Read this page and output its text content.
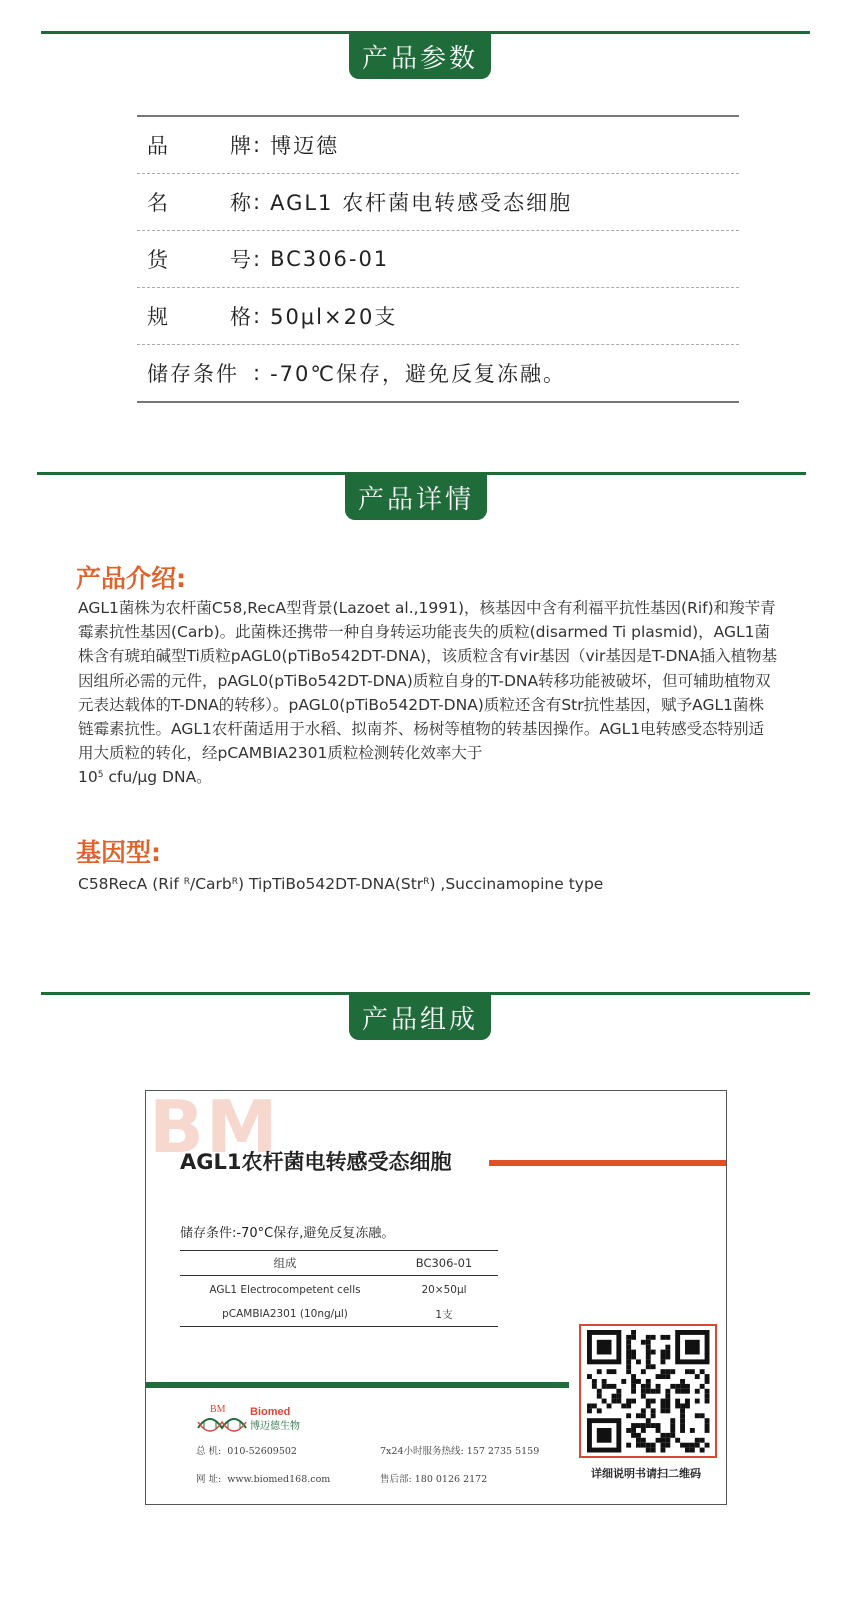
产品参数
品	牌 : 博迈德
名	称 : AGL1 农杆菌电转感受态细胞
货	号 : BC306-01
规	格 : 50μl×20支
储存条件 : -70℃保存，避免反复冻融。
产品详情
产品介绍:
AGL1菌株为农杆菌C58,RecA型背景(Lazoet al.,1991)，核基因中含有利福平抗性基因(Rif)和羧苄青霉素抗性基因(Carb)。此菌株还携带一种自身转运功能丧失的质粒(disarmed Ti plasmid)，AGL1菌株含有琥珀碱型Ti质粒pAGL0(pTiBo542DT-DNA)，该质粒含有vir基因（vir基因是T-DNA插入植物基因组所必需的元件，pAGL0(pTiBo542DT-DNA)质粒自身的T-DNA转移功能被破坏，但可辅助植物双元表达载体的T-DNA的转移）。pAGL0(pTiBo542DT-DNA)质粒还含有Str抗性基因，赋予AGL1菌株链霉素抗性。AGL1农杆菌适用于水稻、拟南芥、杨树等植物的转基因操作。AGL1电转感受态特别适用大质粒的转化，经pCAMBIA2301质粒检测转化效率大于
$10^5$ cfu/μg DNA。
基因型:
C58RecA (Rif $^R$/Carb$^R$) TipTiBo542DT-DNA(Str$^R$) ,Succinamopine type
产品组成
BM
AGL1农杆菌电转感受态细胞
储存条件:-70°C保存,避免反复冻融。
组成	BC306-01
AGL1 Electrocompetent cells	20×50μl
pCAMBIA2301 (10ng/μl)	1支
BM Biomed
博迈德生物
总 机: 010-52609502
网 址: www.biomed168.com
7x24小时服务热线: 157 2735 5159
售后部: 180 0126 2172	详细说明书请扫二维码
